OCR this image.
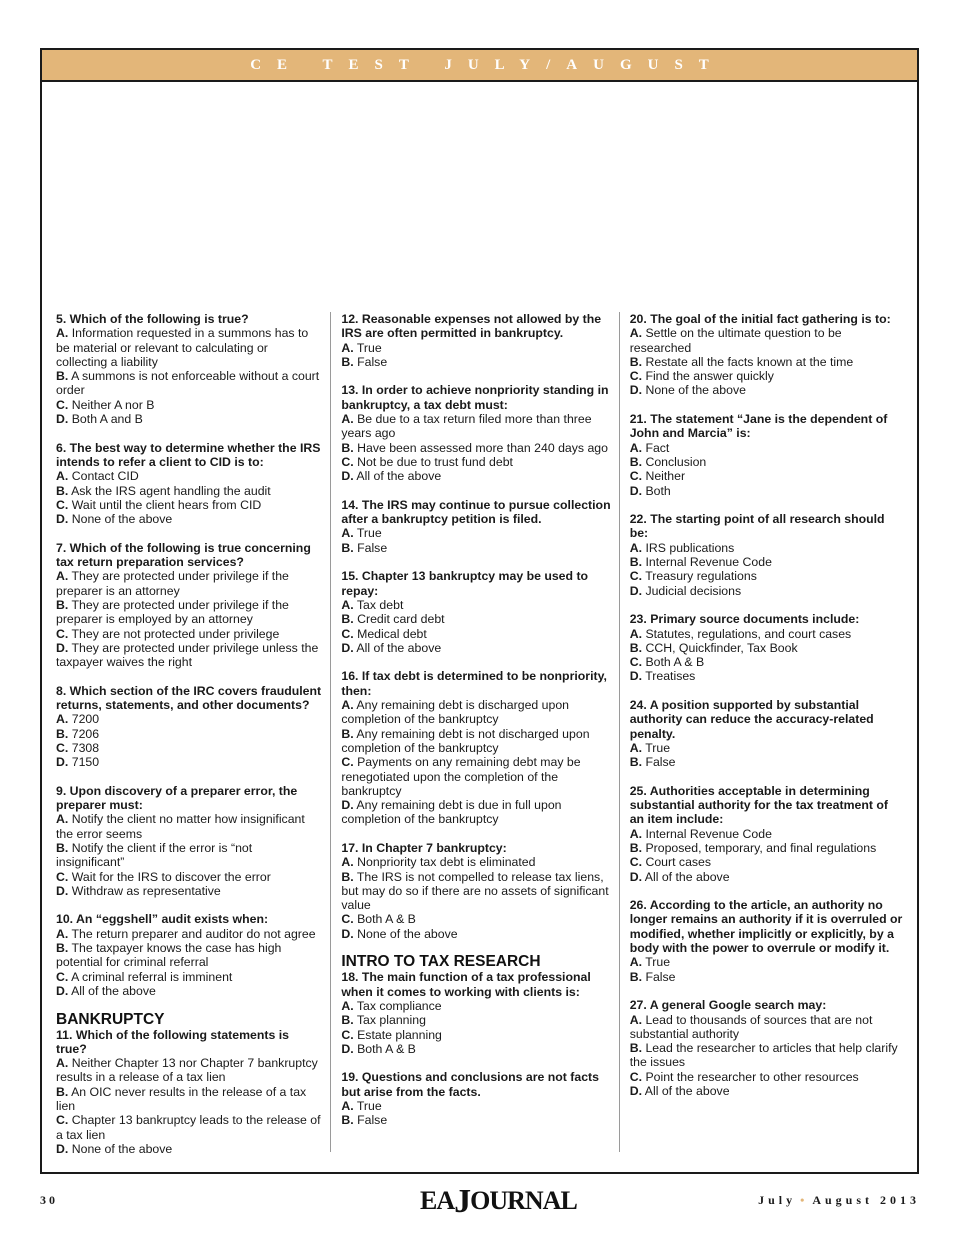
CE TEST JULY/AUGUST
5. Which of the following is true?
A. Information requested in a summons has to be material or relevant to calculating or collecting a liability
B. A summons is not enforceable without a court order
C. Neither A nor B
D. Both A and B
6. The best way to determine whether the IRS intends to refer a client to CID is to:
A. Contact CID
B. Ask the IRS agent handling the audit
C. Wait until the client hears from CID
D. None of the above
7. Which of the following is true concerning tax return preparation services?
A. They are protected under privilege if the preparer is an attorney
B. They are protected under privilege if the preparer is employed by an attorney
C. They are not protected under privilege
D. They are protected under privilege unless the taxpayer waives the right
8. Which section of the IRC covers fraudulent returns, statements, and other documents?
A. 7200
B. 7206
C. 7308
D. 7150
9. Upon discovery of a preparer error, the preparer must:
A. Notify the client no matter how insignificant the error seems
B. Notify the client if the error is “not insignificant”
C. Wait for the IRS to discover the error
D. Withdraw as representative
10. An “eggshell” audit exists when:
A. The return preparer and auditor do not agree
B. The taxpayer knows the case has high potential for criminal referral
C. A criminal referral is imminent
D. All of the above
BANKRUPTCY
11. Which of the following statements is true?
A. Neither Chapter 13 nor Chapter 7 bankruptcy results in a release of a tax lien
B. An OIC never results in the release of a tax lien
C. Chapter 13 bankruptcy leads to the release of a tax lien
D. None of the above
12. Reasonable expenses not allowed by the IRS are often permitted in bankruptcy.
A. True
B. False
13. In order to achieve nonpriority standing in bankruptcy, a tax debt must:
A. Be due to a tax return filed more than three years ago
B. Have been assessed more than 240 days ago
C. Not be due to trust fund debt
D. All of the above
14. The IRS may continue to pursue collection after a bankruptcy petition is filed.
A. True
B. False
15. Chapter 13 bankruptcy may be used to repay:
A. Tax debt
B. Credit card debt
C. Medical debt
D. All of the above
16. If tax debt is determined to be nonpriority, then:
A. Any remaining debt is discharged upon completion of the bankruptcy
B. Any remaining debt is not discharged upon completion of the bankruptcy
C. Payments on any remaining debt may be renegotiated upon the completion of the bankruptcy
D. Any remaining debt is due in full upon completion of the bankruptcy
17. In Chapter 7 bankruptcy:
A. Nonpriority tax debt is eliminated
B. The IRS is not compelled to release tax liens, but may do so if there are no assets of significant value
C. Both A & B
D. None of the above
INTRO TO TAX RESEARCH
18. The main function of a tax professional when it comes to working with clients is:
A. Tax compliance
B. Tax planning
C. Estate planning
D. Both A & B
19. Questions and conclusions are not facts but arise from the facts.
A. True
B. False
20. The goal of the initial fact gathering is to:
A. Settle on the ultimate question to be researched
B. Restate all the facts known at the time
C. Find the answer quickly
D. None of the above
21. The statement “Jane is the dependent of John and Marcia” is:
A. Fact
B. Conclusion
C. Neither
D. Both
22. The starting point of all research should be:
A. IRS publications
B. Internal Revenue Code
C. Treasury regulations
D. Judicial decisions
23. Primary source documents include:
A. Statutes, regulations, and court cases
B. CCH, Quickfinder, Tax Book
C. Both A & B
D. Treatises
24. A position supported by substantial authority can reduce the accuracy-related penalty.
A. True
B. False
25. Authorities acceptable in determining substantial authority for the tax treatment of an item include:
A. Internal Revenue Code
B. Proposed, temporary, and final regulations
C. Court cases
D. All of the above
26. According to the article, an authority no longer remains an authority if it is overruled or modified, whether implicitly or explicitly, by a body with the power to overrule or modify it.
A. True
B. False
27. A general Google search may:
A. Lead to thousands of sources that are not substantial authority
B. Lead the researcher to articles that help clarify the issues
C. Point the researcher to other resources
D. All of the above
30	EAJOURNAL	July • August 2013
